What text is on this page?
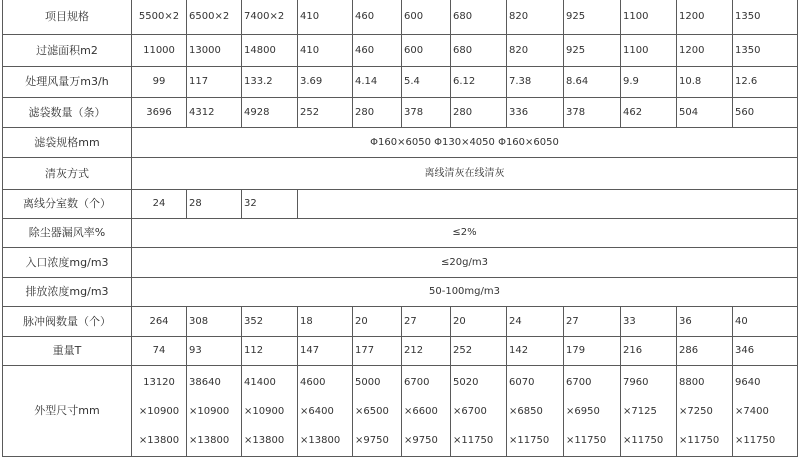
项目规格	5500×2	6500×2	7400×2	410	460	600	680	820	925	1100	1200	1350
过滤面积m2	11000	13000	14800	410	460	600	680	820	925	1100	1200	1350
处理风量万m3/h	99	117	133.2	3.69	4.14	5.4	6.12	7.38	8.64	9.9	10.8	12.6
滤袋数量（条）	3696	4312	4928	252	280	378	280	336	378	462	504	560
滤袋规格mm	Φ160×6050 Φ130×4050 Φ160×6050											
清灰方式	离线清灰在线清灰											
离线分室数（个）	24	28	32									
除尘器漏风率%	≤2%											
入口浓度mg/m3	≤20g/m3											
排放浓度mg/m3	50-100mg/m3											
脉冲阀数量（个）	264	308	352	18	20	27	20	24	27	33	36	40
重量T	74	93	112	147	177	212	252	142	179	216	286	346
外型尺寸mm	13120
×10900
×13800	38640
×10900
×13800	41400
×10900
×13800	4600
×6400
×13800	5000
×6500
×9750	6700
×6600
×9750	5020
×6700
×11750	6070
×6850
×11750	6700
×6950
×11750	7960
×7125
×11750	8800
×7250
×11750	9640
×7400
×11750
